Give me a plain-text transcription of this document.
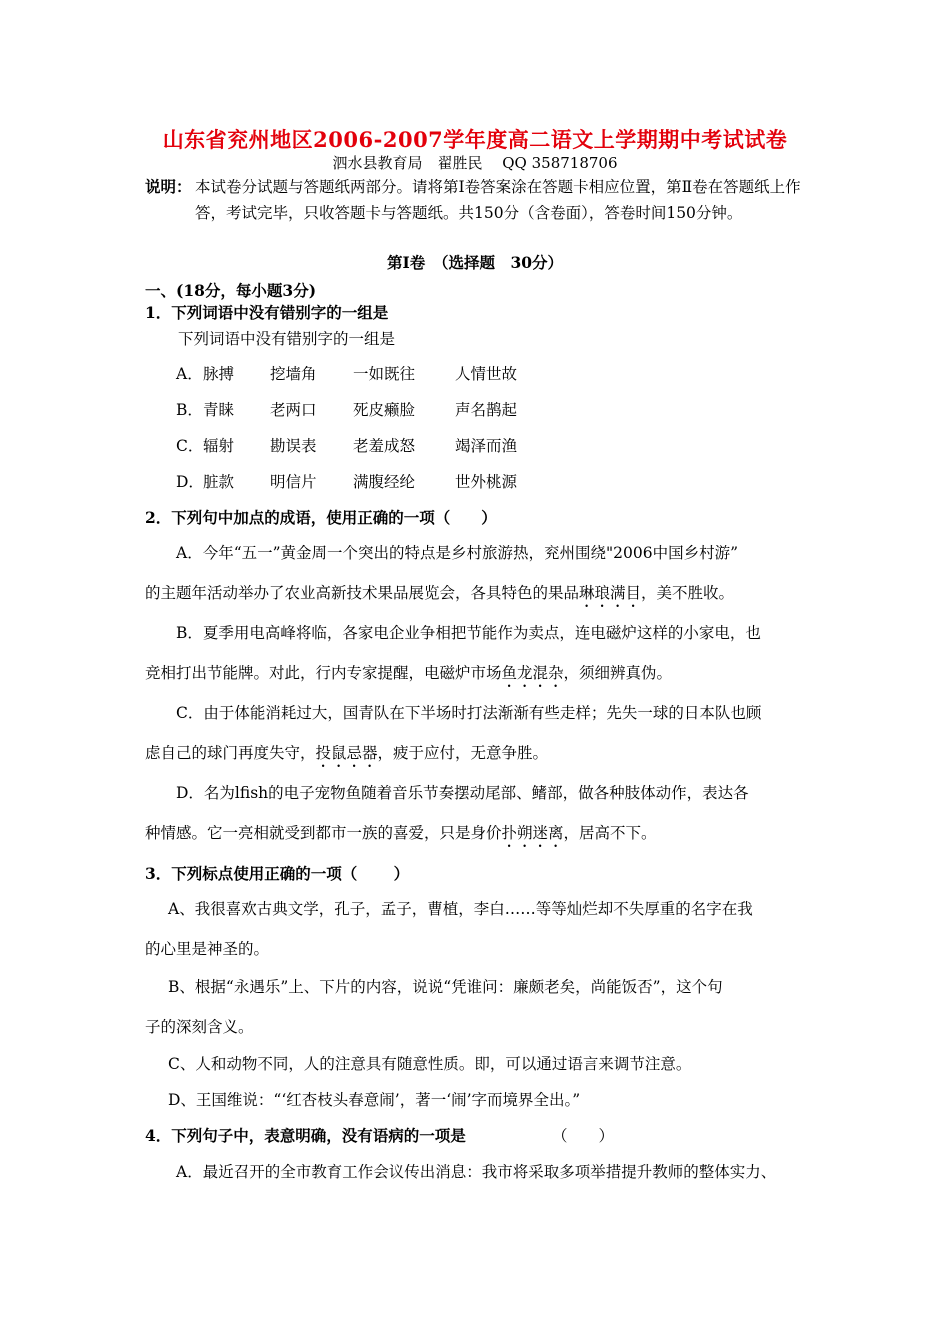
山东省兖州地区2006-2007学年度高二语文上学期期中考试试卷
泗水县教育局　翟胜民　 QQ 358718706
说明： 本试卷分试题与答题纸两部分。请将第Ⅰ卷答案涂在答题卡相应位置，第Ⅱ卷在答题纸上作答，考试完毕，只收答题卡与答题纸。共150分（含卷面），答卷时间150分钟。
第Ⅰ卷　（选择题　30分）
一、(18分，每小题3分)
1．下列词语中没有错别字的一组是
下列词语中没有错别字的一组是
A． 脉搏 挖墙角 一如既往	人情世故
B． 青睐 老两口 死皮癞脸	声名鹊起
C． 辐射 勘误表 老羞成怒	竭泽而渔
D． 脏款 明信片 满腹经纶	世外桃源
2．下列句中加点的成语，使用正确的一项（　　）
A．今年“五一”黄金周一个突出的特点是乡村旅游热，兖州围绕"2006中国乡村游”
的主题年活动举办了农业高新技术果品展览会，各具特色的果品琳琅满目，美不胜收。
B．夏季用电高峰将临，各家电企业争相把节能作为卖点，连电磁炉这样的小家电，也
竞相打出节能牌。对此，行内专家提醒，电磁炉市场鱼龙混杂，须细辨真伪。
C．由于体能消耗过大，国青队在下半场时打法渐渐有些走样；先失一球的日本队也顾
虑自己的球门再度失守，投鼠忌器，疲于应付，无意争胜。
D．名为lfish的电子宠物鱼随着音乐节奏摆动尾部、鳍部，做各种肢体动作，表达各
种情感。它一亮相就受到都市一族的喜爱，只是身价扑朔迷离，居高不下。
3．下列标点使用正确的一项（　　 ）
A、我很喜欢古典文学，孔子，孟子，曹植，李白……等等灿烂却不失厚重的名字在我
的心里是神圣的。
B、根据“永遇乐”上、下片的内容，说说“凭谁问：廉颇老矣，尚能饭否”，这个句
子的深刻含义。
C、人和动物不同，人的注意具有随意性质。即，可以通过语言来调节注意。
D、王国维说：“‘红杏枝头春意闹’，著一‘闹’字而境界全出。”
4．下列句子中，表意明确，没有语病的一项是	（　　）
A．最近召开的全市教育工作会议传出消息：我市将采取多项举措提升教师的整体实力、
